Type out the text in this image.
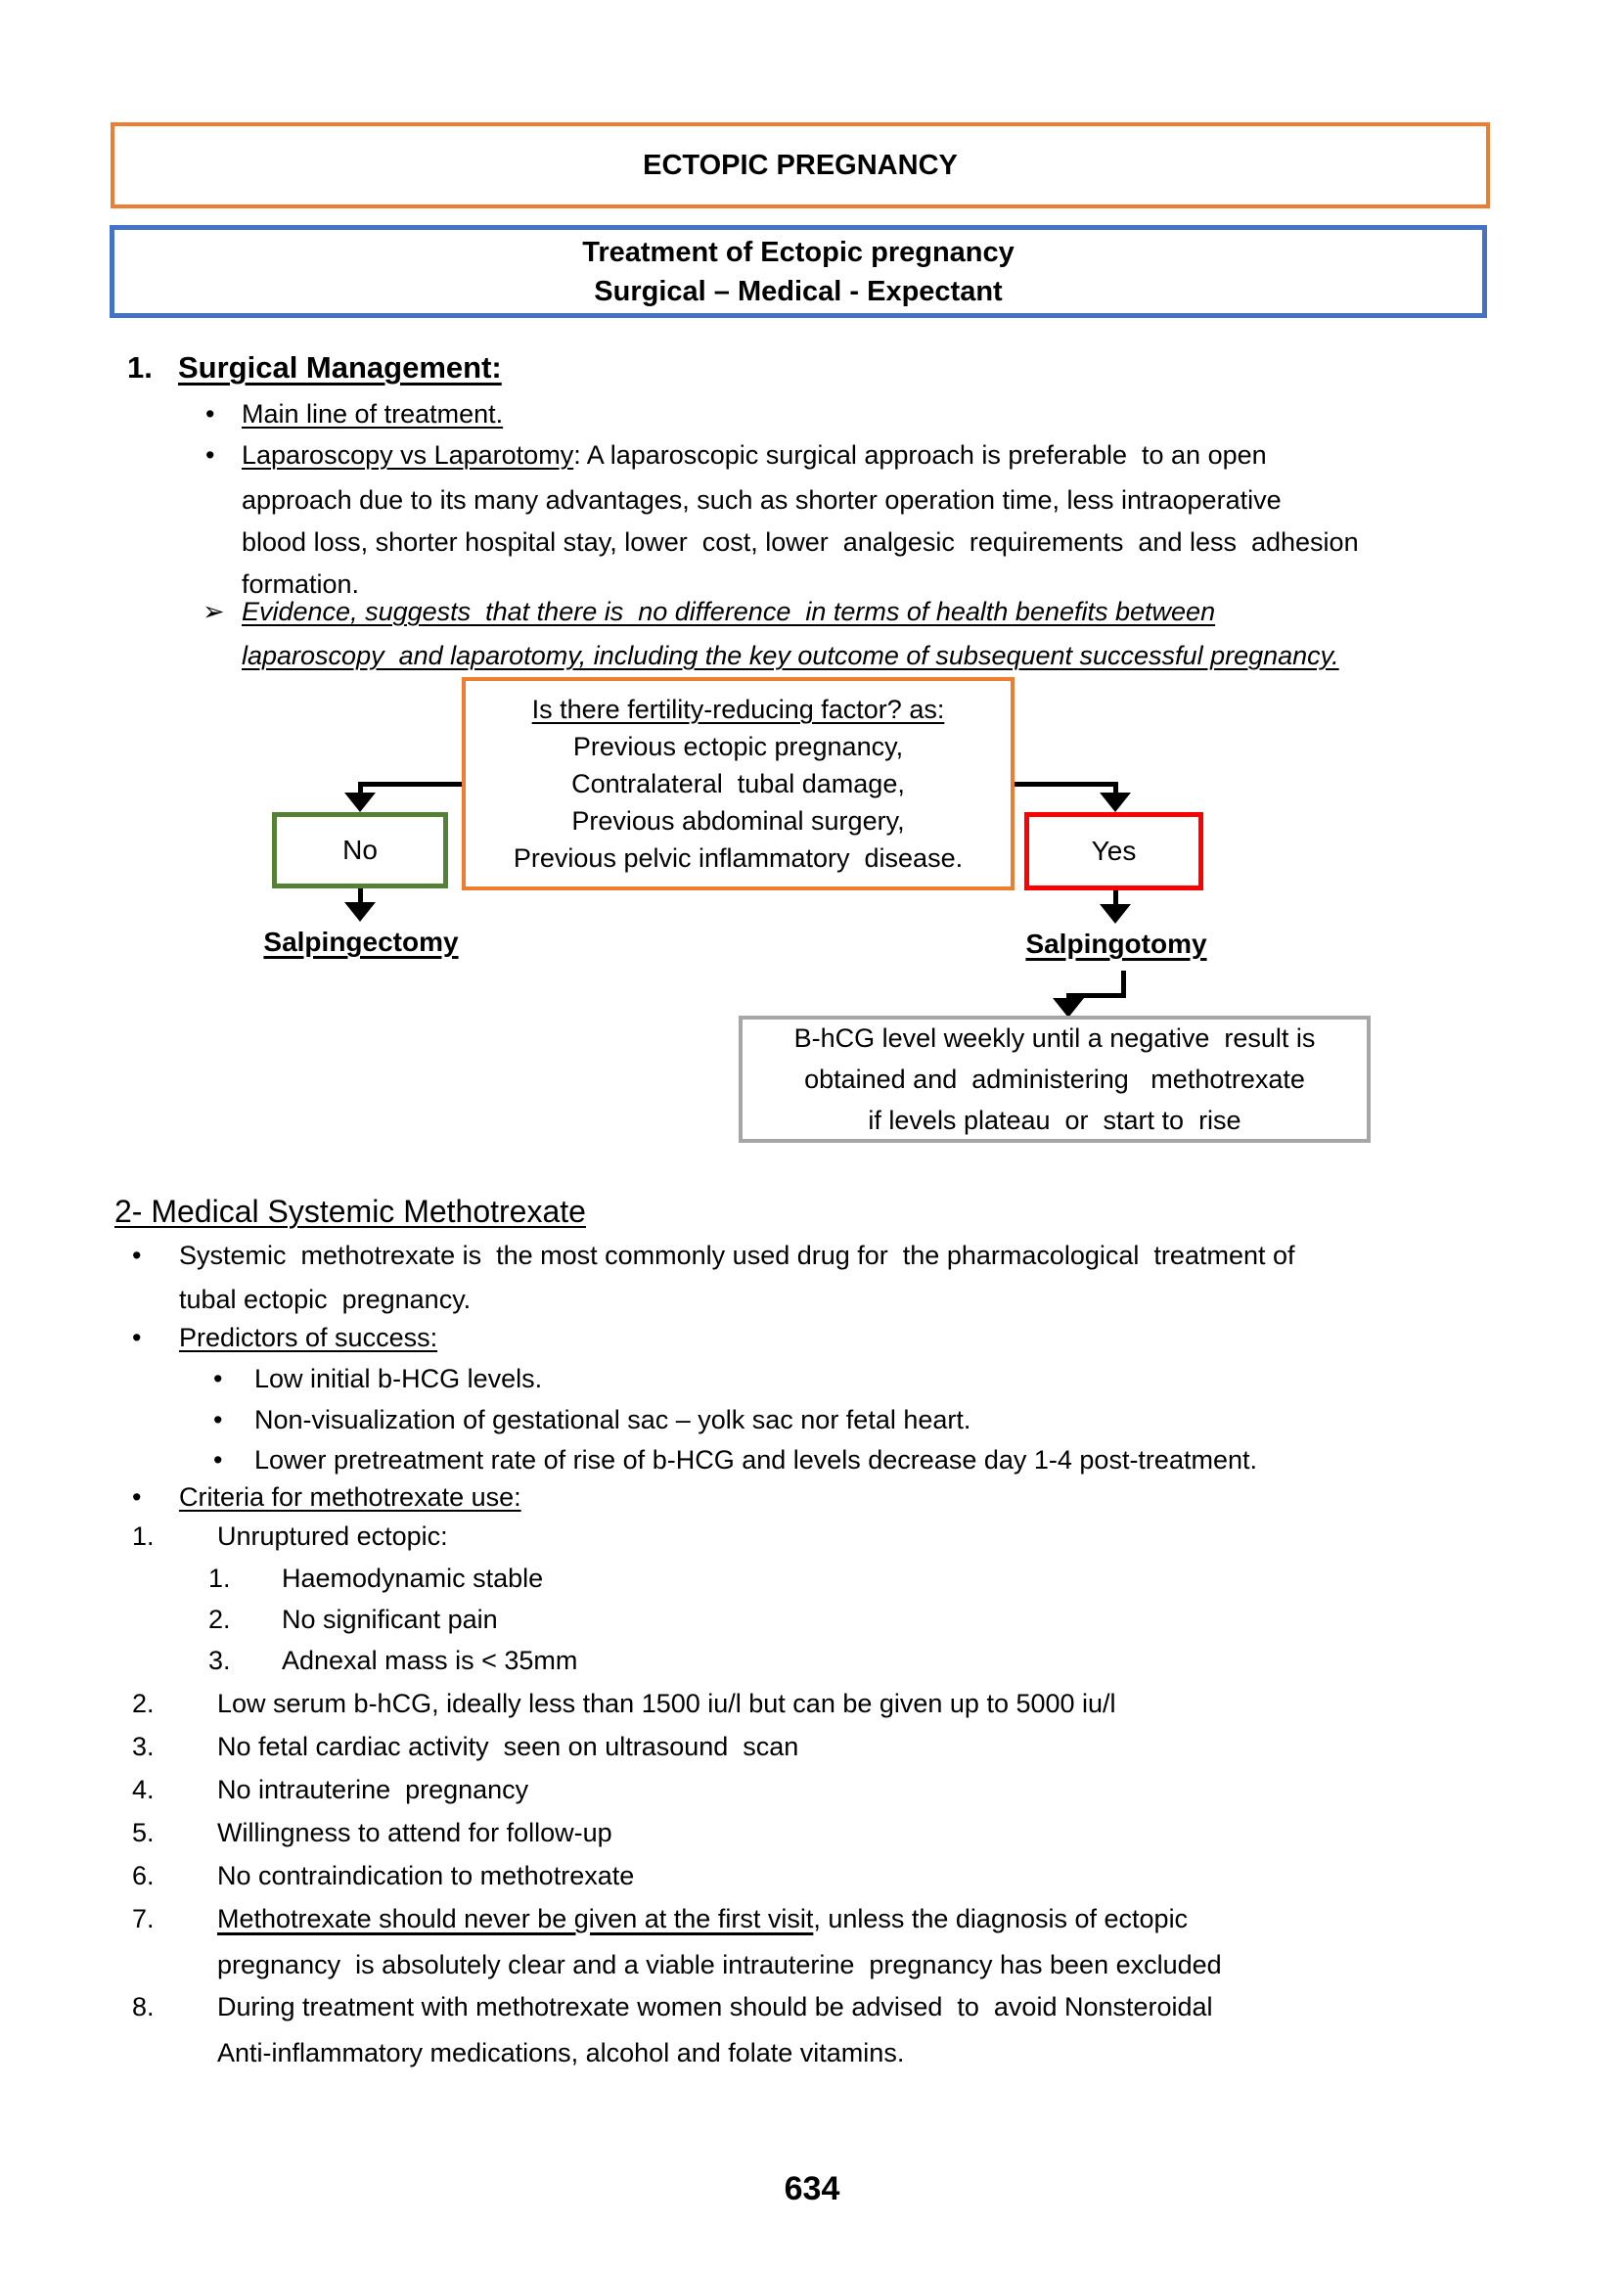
ECTOPIC PREGNANCY
Treatment of Ectopic pregnancy
Surgical – Medical - Expectant
1. Surgical Management:
•	Main line of treatment.
•	Laparoscopy vs Laparotomy: A laparoscopic surgical approach is preferable  to an open
approach due to its many advantages, such as shorter operation time, less intraoperative
blood loss, shorter hospital stay, lower  cost, lower  analgesic  requirements  and less  adhesion
formation.
➢ Evidence, suggests  that there is  no difference  in terms of health benefits between
laparoscopy  and laparotomy, including the key outcome of subsequent successful pregnancy.
Is there fertility-reducing factor? as:
Previous ectopic pregnancy,
Contralateral  tubal damage,
Previous abdominal surgery,
Previous pelvic inflammatory  disease.
No	Yes
Salpingectomy	Salpingotomy
B-hCG level weekly until a negative  result is
obtained and  administering   methotrexate
if levels plateau  or  start to  rise
2- Medical Systemic Methotrexate
•	Systemic  methotrexate is  the most commonly used drug for  the pharmacological  treatment of
tubal ectopic  pregnancy.
•	Predictors of success:
•	Low initial b-HCG levels.
•	Non-visualization of gestational sac – yolk sac nor fetal heart.
•	Lower pretreatment rate of rise of b-HCG and levels decrease day 1-4 post-treatment.
•	Criteria for methotrexate use:
1.	Unruptured ectopic:
1.	Haemodynamic stable
2.	No significant pain
3.	Adnexal mass is < 35mm
2.	Low serum b-hCG, ideally less than 1500 iu/l but can be given up to 5000 iu/l
3.	No fetal cardiac activity  seen on ultrasound  scan
4.	No intrauterine  pregnancy
5.	Willingness to attend for follow-up
6.	No contraindication to methotrexate
7.	Methotrexate should never be given at the first visit, unless the diagnosis of ectopic
pregnancy  is absolutely clear and a viable intrauterine  pregnancy has been excluded
8.	During treatment with methotrexate women should be advised  to  avoid Nonsteroidal
Anti-inflammatory medications, alcohol and folate vitamins.
634
